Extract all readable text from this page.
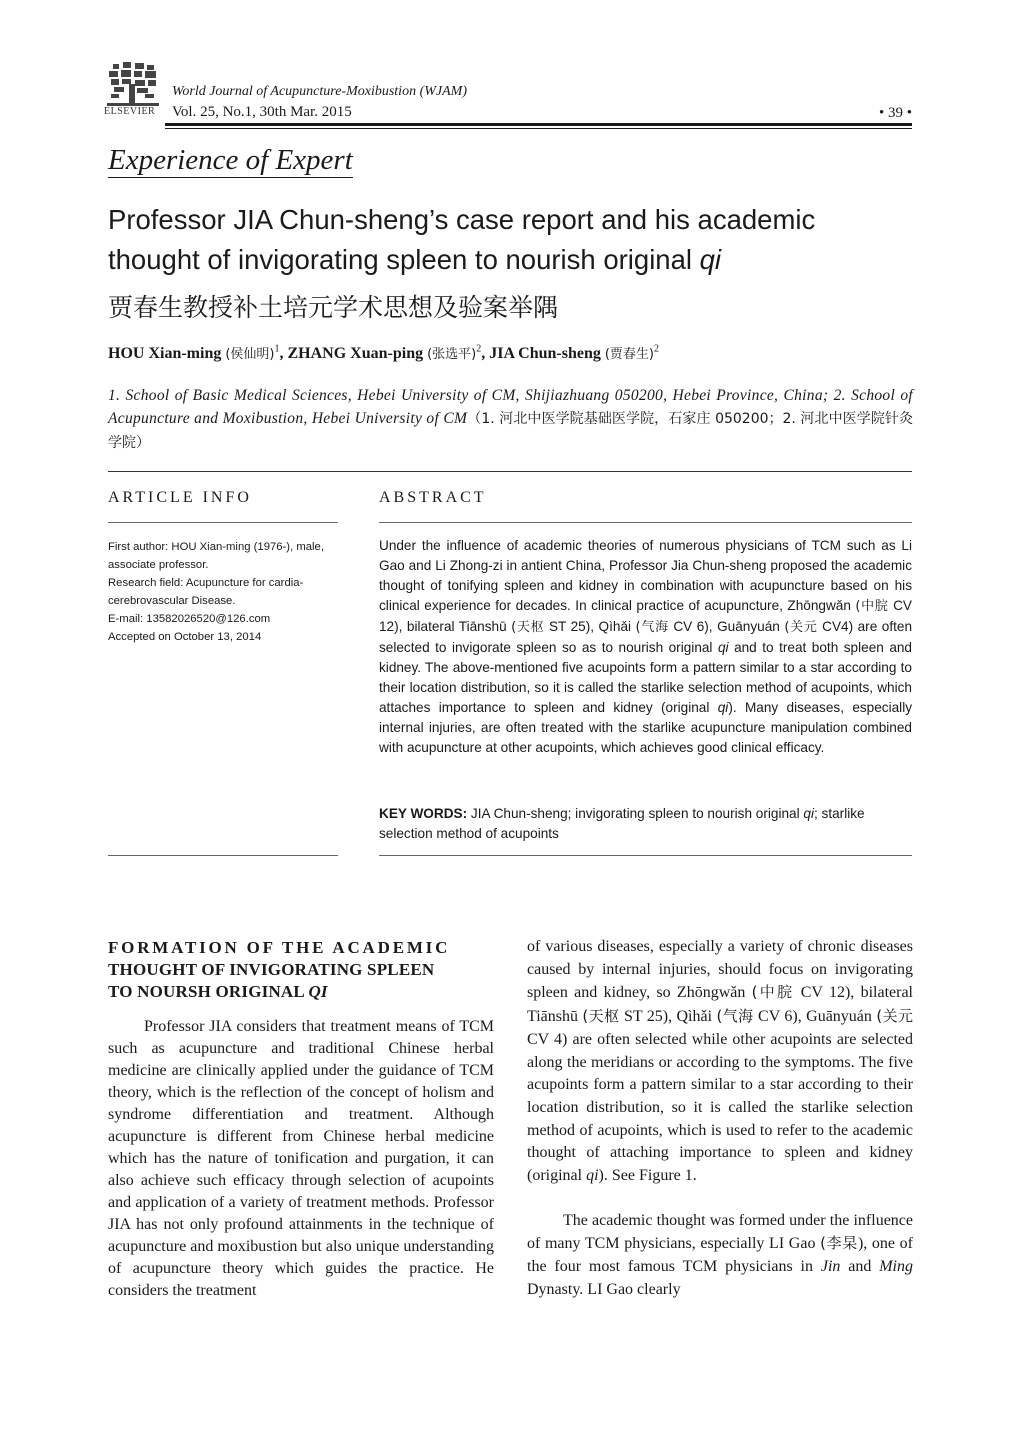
ELSEVIER
World Journal of Acupuncture-Moxibustion (WJAM)
Vol. 25, No.1, 30th Mar. 2015	• 39 •
Experience of Expert
Professor JIA Chun-sheng’s case report and his academic
thought of invigorating spleen to nourish original qi
贾春生教授补土培元学术思想及验案举隅
HOU Xian-ming (侯仙明)$^1$, ZHANG Xuan-ping (张选平)$^2$, JIA Chun-sheng (贾春生)$^2$
1. School of Basic Medical Sciences, Hebei University of CM, Shijiazhuang 050200, Hebei Province, China; 2. School of Acupuncture and Moxibustion, Hebei University of CM（1. 河北中医学院基础医学院，石家庄 050200；2. 河北中医学院针灸学院）
ARTICLE INFO	ABSTRACT
First author: HOU Xian-ming (1976-), male, associate professor.
Research field: Acupuncture for cardia-cerebrovascular Disease.
E-mail: 13582026520@126.com
Accepted on October 13, 2014
Under the influence of academic theories of numerous physicians of TCM such as Li Gao and Li Zhong-zi in antient China, Professor Jia Chun-sheng proposed the academic thought of tonifying spleen and kidney in combination with acupuncture based on his clinical experience for decades. In clinical practice of acupuncture, Zhōngwǎn (中脘 CV 12), bilateral Tiānshū (天枢 ST 25), Qìhǎi (气海 CV 6), Guānyuán (关元 CV4) are often selected to invigorate spleen so as to nourish original qi and to treat both spleen and kidney. The above-mentioned five acupoints form a pattern similar to a star according to their location distribution, so it is called the starlike selection method of acupoints, which attaches importance to spleen and kidney (original qi). Many diseases, especially internal injuries, are often treated with the starlike acupuncture manipulation combined with acupuncture at other acupoints, which achieves good clinical efficacy.
KEY WORDS: JIA Chun-sheng; invigorating spleen to nourish original qi; starlike selection method of acupoints
FORMATION OF THE ACADEMIC
THOUGHT OF INVIGORATING SPLEEN
TO NOURSH ORIGINAL QI

Professor JIA considers that treatment means of TCM such as acupuncture and traditional Chinese herbal medicine are clinically applied under the guidance of TCM theory, which is the reflection of the concept of holism and syndrome differentiation and treatment. Although acupuncture is different from Chinese herbal medicine which has the nature of tonification and purgation, it can also achieve such efficacy through selection of acupoints and application of a variety of treatment methods. Professor JIA has not only profound attainments in the technique of acupuncture and moxibustion but also unique understanding of acupuncture theory which guides the practice. He considers the treatment

of various diseases, especially a variety of chronic diseases caused by internal injuries, should focus on invigorating spleen and kidney, so Zhōngwǎn (中脘 CV 12), bilateral Tiānshū (天枢 ST 25), Qìhǎi (气海 CV 6), Guānyuán (关元 CV 4) are often selected while other acupoints are selected along the meridians or according to the symptoms. The five acupoints form a pattern similar to a star according to their location distribution, so it is called the starlike selection method of acupoints, which is used to refer to the academic thought of attaching importance to spleen and kidney (original qi). See Figure 1.

The academic thought was formed under the influence of many TCM physicians, especially LI Gao (李杲), one of the four most famous TCM physicians in Jin and Ming Dynasty. LI Gao clearly
